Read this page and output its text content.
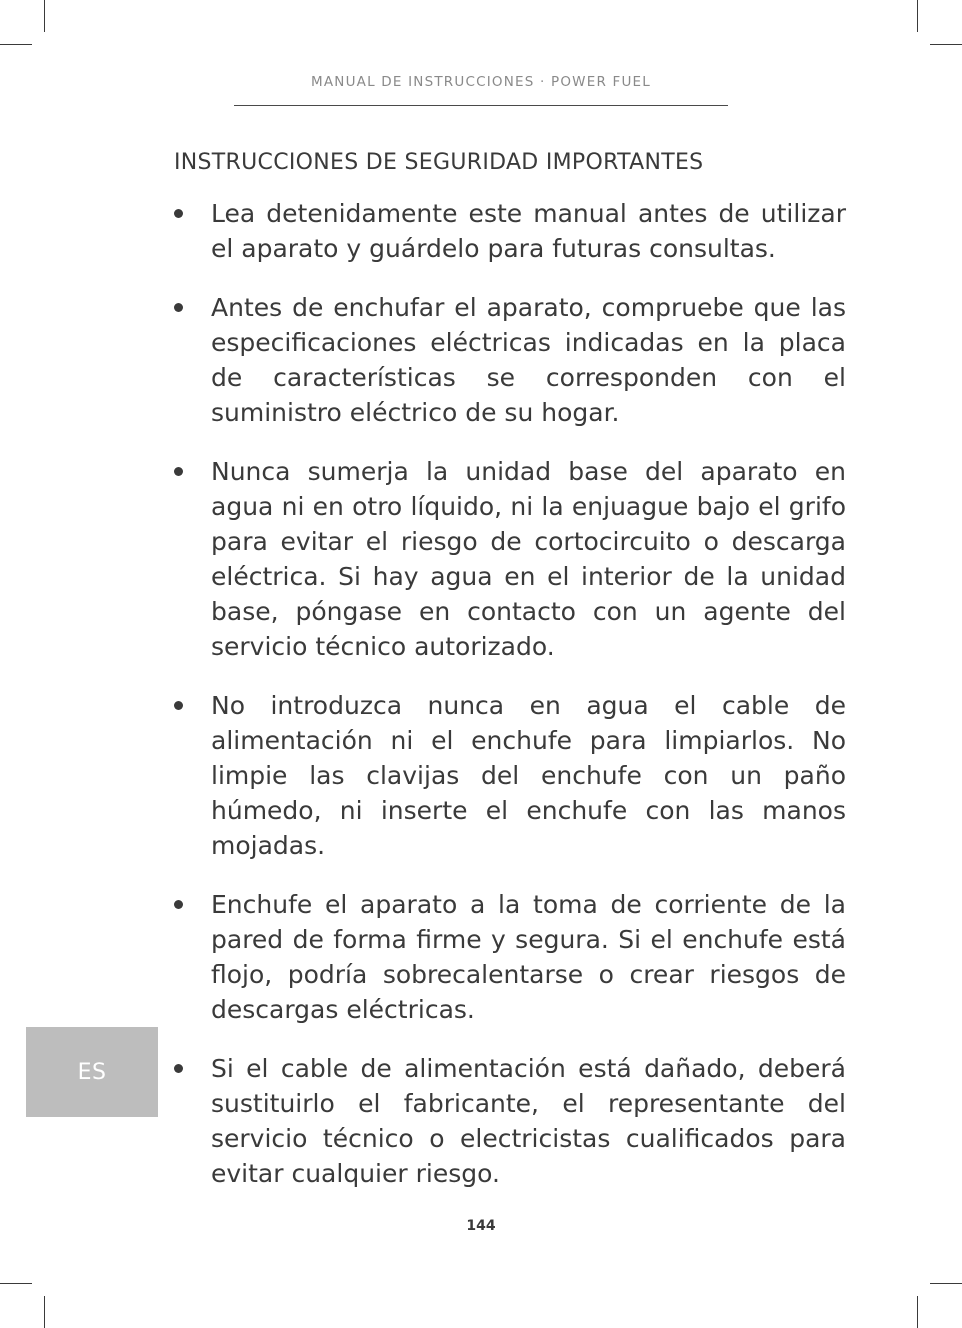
MANUAL DE INSTRUCCIONES · POWER FUEL
INSTRUCCIONES DE SEGURIDAD IMPORTANTES
Lea detenidamente este manual antes de utilizar el aparato y guárdelo para futuras consultas.
Antes de enchufar el aparato, compruebe que las especificaciones eléctricas indicadas en la placa de características se corresponden con el suministro eléctrico de su hogar.
Nunca sumerja la unidad base del aparato en agua ni en otro líquido, ni la enjuague bajo el grifo para evitar el riesgo de cortocircuito o descarga eléctrica. Si hay agua en el interior de la unidad base, póngase en contacto con un agente del servicio técnico autorizado.
No introduzca nunca en agua el cable de alimentación ni el enchufe para limpiarlos. No limpie las clavijas del enchufe con un paño húmedo, ni inserte el enchufe con las manos mojadas.
Enchufe el aparato a la toma de corriente de la pared de forma firme y segura. Si el enchufe está flojo, podría sobrecalentarse o crear riesgos de descargas eléctricas.
Si el cable de alimentación está dañado, deberá sustituirlo el fabricante, el representante del servicio técnico o electricistas cualificados para evitar cualquier riesgo.
ES
144
